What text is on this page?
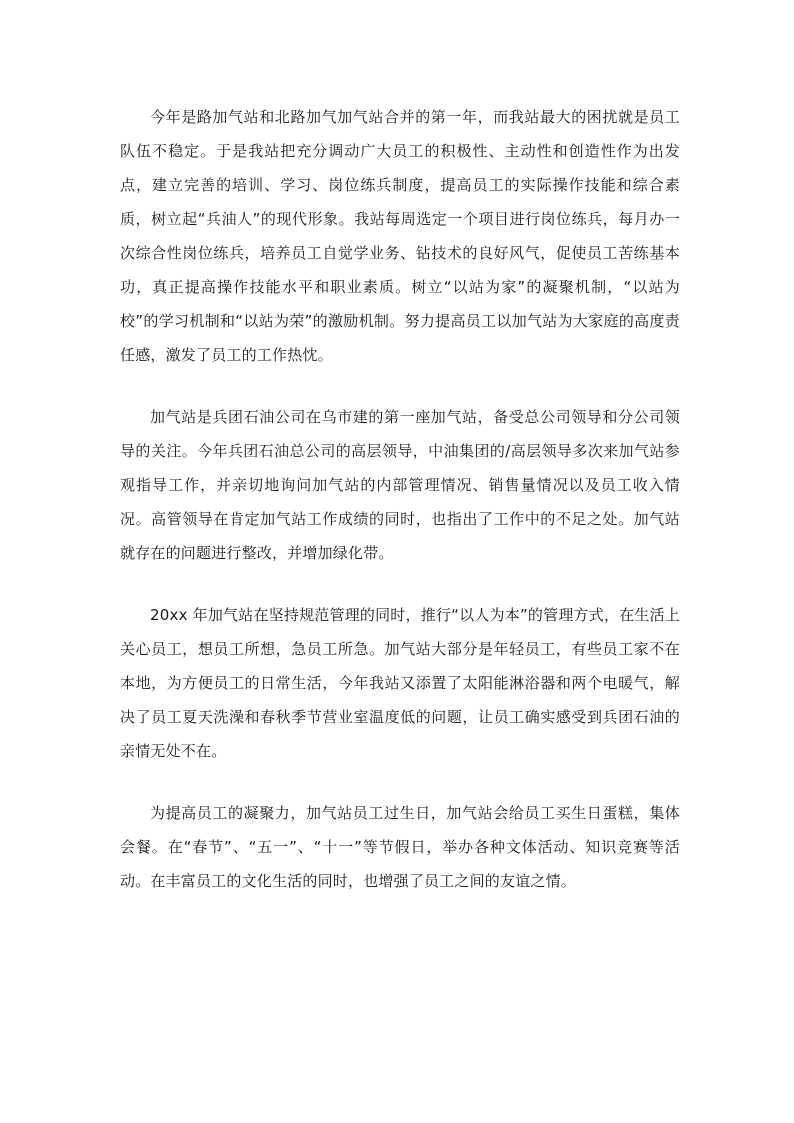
今年是路加气站和北路加气加气站合并的第一年，而我站最大的困扰就是员工队伍不稳定。于是我站把充分调动广大员工的积极性、主动性和创造性作为出发点，建立完善的培训、学习、岗位练兵制度，提高员工的实际操作技能和综合素质，树立起“兵油人”的现代形象。我站每周选定一个项目进行岗位练兵，每月办一次综合性岗位练兵，培养员工自觉学业务、钻技术的良好风气，促使员工苦练基本功，真正提高操作技能水平和职业素质。树立“以站为家”的凝聚机制，“以站为校”的学习机制和“以站为荣”的激励机制。努力提高员工以加气站为大家庭的高度责任感，激发了员工的工作热忱。

加气站是兵团石油公司在乌市建的第一座加气站，备受总公司领导和分公司领导的关注。今年兵团石油总公司的高层领导，中油集团的/高层领导多次来加气站参观指导工作，并亲切地询问加气站的内部管理情况、销售量情况以及员工收入情况。高管领导在肯定加气站工作成绩的同时，也指出了工作中的不足之处。加气站就存在的问题进行整改，并增加绿化带。

20xx 年加气站在坚持规范管理的同时，推行“以人为本”的管理方式，在生活上关心员工，想员工所想，急员工所急。加气站大部分是年轻员工，有些员工家不在本地，为方便员工的日常生活，今年我站又添置了太阳能淋浴器和两个电暖气，解决了员工夏天洗澡和春秋季节营业室温度低的问题，让员工确实感受到兵团石油的亲情无处不在。

为提高员工的凝聚力，加气站员工过生日，加气站会给员工买生日蛋糕，集体会餐。在“春节”、“五一”、“十一”等节假日，举办各种文体活动、知识竞赛等活动。在丰富员工的文化生活的同时，也增强了员工之间的友谊之情。
